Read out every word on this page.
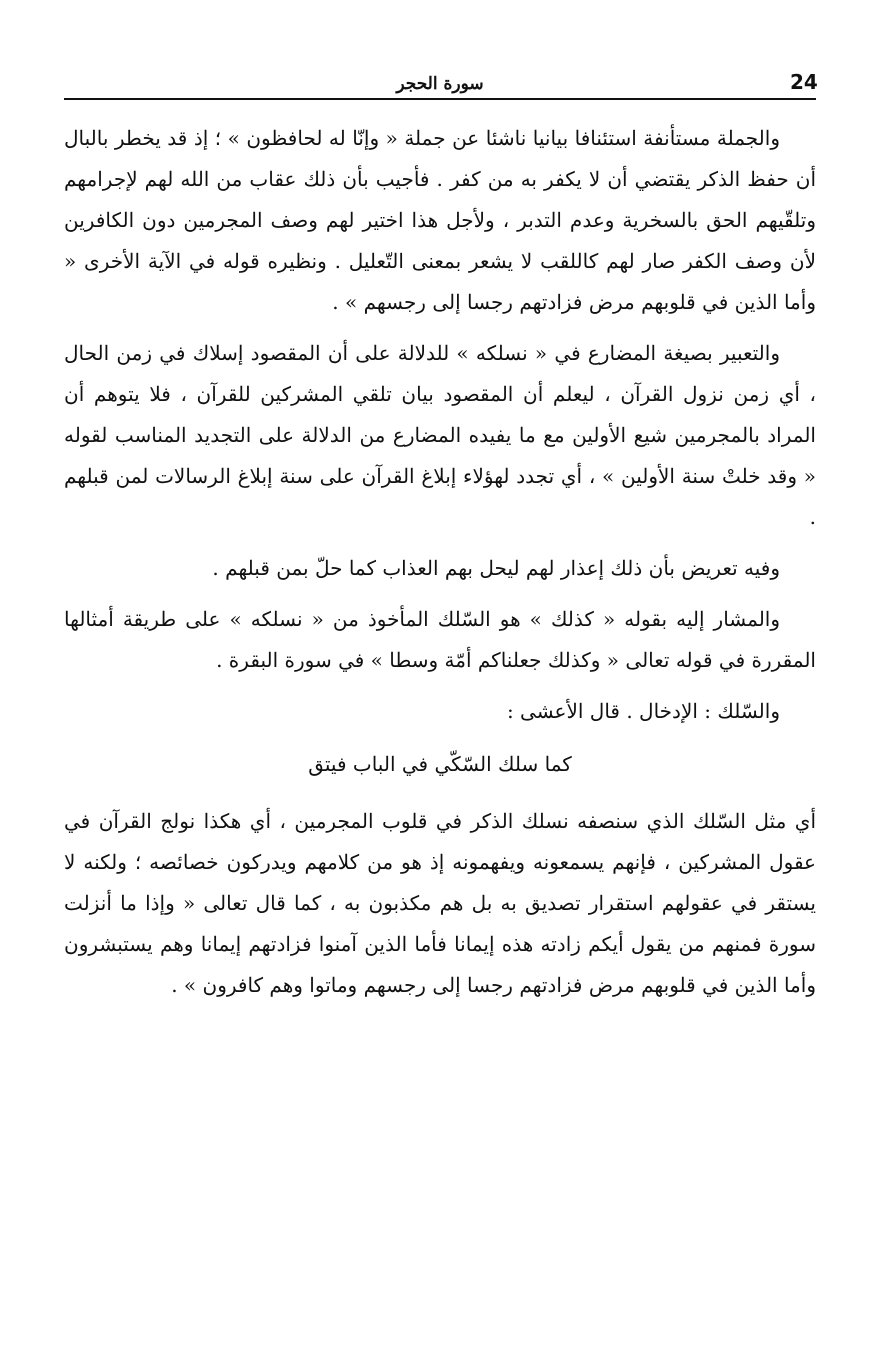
24
سورة الحجر

والجملة مستأنفة استئنافا بيانيا ناشئا عن جملة « وإنّا له لحافظون » ؛ إذ قد يخطر بالبال أن حفظ الذكر يقتضي أن لا يكفر به من كفر . فأجيب بأن ذلك عقاب من الله لهم لإجرامهم وتلقّيهم الحق بالسخرية وعدم التدبر ، ولأجل هذا اختير لهم وصف المجرمين دون الكافرين لأن وصف الكفر صار لهم كاللقب لا يشعر بمعنى التّعليل . ونظيره قوله في الآية الأخرى « وأما الذين في قلوبهم مرض فزادتهم رجسا إلى رجسهم » .

والتعبير بصيغة المضارع في « نسلكه » للدلالة على أن المقصود إسلاك في زمن الحال ، أي زمن نزول القرآن ، ليعلم أن المقصود بيان تلقي المشركين للقرآن ، فلا يتوهم أن المراد بالمجرمين شيع الأولين مع ما يفيده المضارع من الدلالة على التجديد المناسب لقوله « وقد خلتْ سنة الأولين » ، أي تجدد لهؤلاء إبلاغ القرآن على سنة إبلاغ الرسالات لمن قبلهم .

وفيه تعريض بأن ذلك إعذار لهم ليحل بهم العذاب كما حلّ بمن قبلهم .

والمشار إليه بقوله « كذلك » هو السّلك المأخوذ من « نسلكه » على طريقة أمثالها المقررة في قوله تعالى « وكذلك جعلناكم أمّة وسطا » في سورة البقرة .

والسّلك : الإدخال . قال الأعشى :

كما سلك السّكّي في الباب فيتق

أي مثل السّلك الذي سنصفه نسلك الذكر في قلوب المجرمين ، أي هكذا نولج القرآن في عقول المشركين ، فإنهم يسمعونه ويفهمونه إذ هو من كلامهم ويدركون خصائصه ؛ ولكنه لا يستقر في عقولهم استقرار تصديق به بل هم مكذبون به ، كما قال تعالى « وإذا ما أنزلت سورة فمنهم من يقول أيكم زادته هذه إيمانا فأما الذين آمنوا فزادتهم إيمانا وهم يستبشرون وأما الذين في قلوبهم مرض فزادتهم رجسا إلى رجسهم وماتوا وهم كافرون » .
